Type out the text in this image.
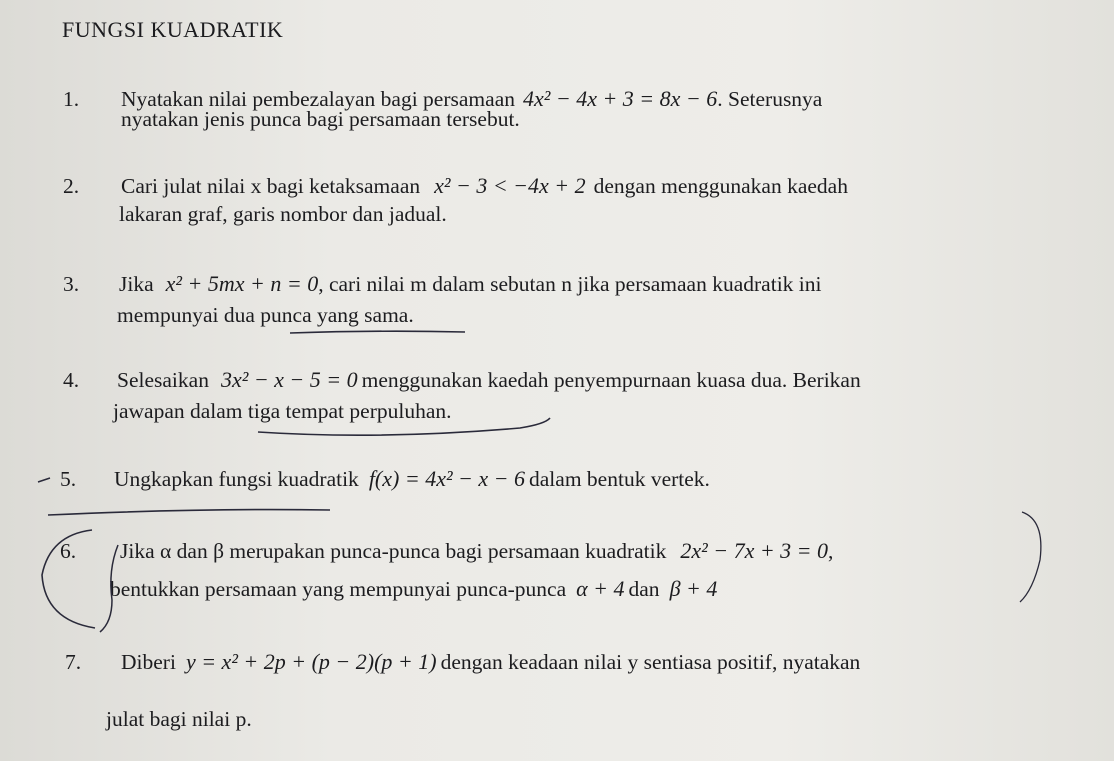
FUNGSI KUADRATIK
1. Nyatakan nilai pembezalayan bagi persamaan 4x² − 4x + 3 = 8x − 6. Seterusnya
nyatakan jenis punca bagi persamaan tersebut.
2. Cari julat nilai x bagi ketaksamaan x² − 3 < −4x + 2 dengan menggunakan kaedah
lakaran graf, garis nombor dan jadual.
3. Jika x² + 5mx + n = 0, cari nilai m dalam sebutan n jika persamaan kuadratik ini
mempunyai dua punca yang sama.
4. Selesaikan 3x² − x − 5 = 0 menggunakan kaedah penyempurnaan kuasa dua. Berikan
jawapan dalam tiga tempat perpuluhan.
5. Ungkapkan fungsi kuadratik f(x) = 4x² − x − 6 dalam bentuk vertek.
6. Jika α dan β merupakan punca-punca bagi persamaan kuadratik 2x² − 7x + 3 = 0,
bentukkan persamaan yang mempunyai punca-punca α + 4 dan β + 4
7. Diberi y = x² + 2p + (p − 2)(p + 1) dengan keadaan nilai y sentiasa positif, nyatakan
julat bagi nilai p.
